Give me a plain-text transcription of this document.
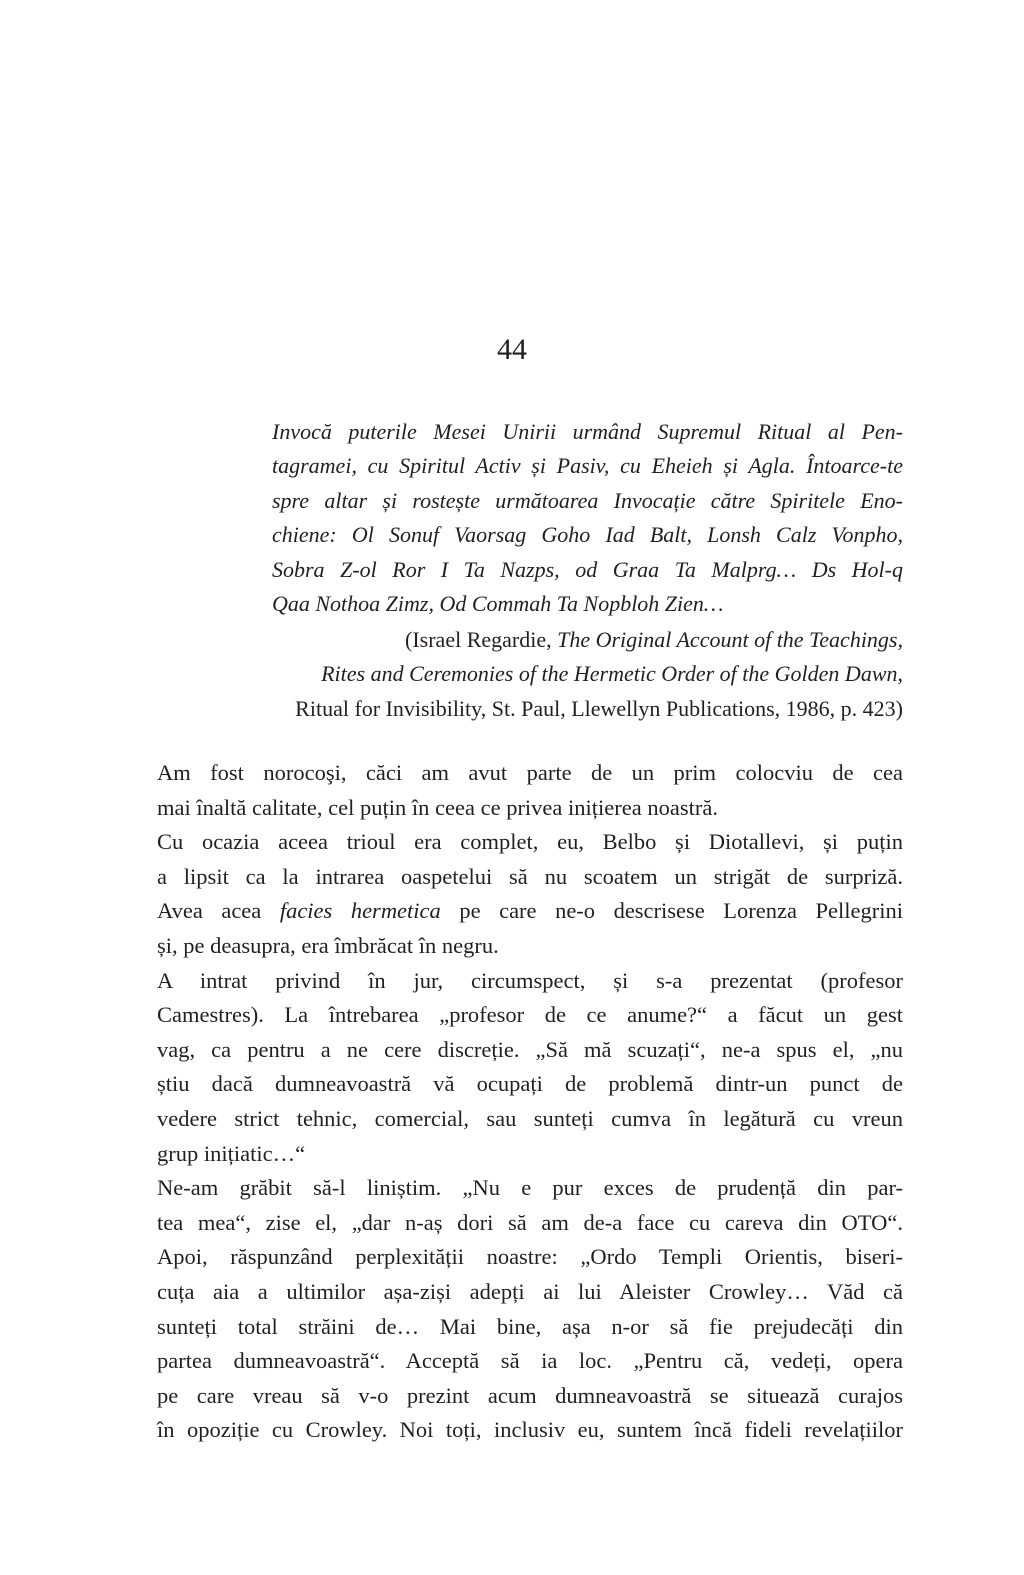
44
Invocă puterile Mesei Unirii urmând Supremul Ritual al Pen-
tagramei, cu Spiritul Activ și Pasiv, cu Eheieh și Agla. Întoarce-te
spre altar și rostește următoarea Invocație către Spiritele Eno-
chiene: Ol Sonuf Vaorsag Goho Iad Balt, Lonsh Calz Vonpho,
Sobra Z-ol Ror I Ta Nazps, od Graa Ta Malprg… Ds Hol-q
Qaa Nothoa Zimz, Od Commah Ta Nopbloh Zien…
(Israel Regardie, The Original Account of the Teachings,
Rites and Ceremonies of the Hermetic Order of the Golden Dawn,
Ritual for Invisibility, St. Paul, Llewellyn Publications, 1986, p. 423)
Am fost norocoşi, căci am avut parte de un prim colocviu de cea
mai înaltă calitate, cel puțin în ceea ce privea inițierea noastră.
Cu ocazia aceea trioul era complet, eu, Belbo și Diotallevi, și puțin
a lipsit ca la intrarea oaspetelui să nu scoatem un strigăt de surpriză.
Avea acea facies hermetica pe care ne-o descrisese Lorenza Pellegrini
și, pe deasupra, era îmbrăcat în negru.
A intrat privind în jur, circumspect, și s-a prezentat (profesor
Camestres). La întrebarea „profesor de ce anume?“ a făcut un gest
vag, ca pentru a ne cere discreție. „Să mă scuzați“, ne-a spus el, „nu
știu dacă dumneavoastră vă ocupați de problemă dintr-un punct de
vedere strict tehnic, comercial, sau sunteți cumva în legătură cu vreun
grup inițiatic…“
Ne-am grăbit să-l liniștim. „Nu e pur exces de prudență din par-
tea mea“, zise el, „dar n-aș dori să am de-a face cu careva din OTO“.
Apoi, răspunzând perplexității noastre: „Ordo Templi Orientis, biseri-
cuța aia a ultimilor așa-ziși adepți ai lui Aleister Crowley… Văd că
sunteți total străini de… Mai bine, așa n-or să fie prejudecăți din
partea dumneavoastră“. Acceptă să ia loc. „Pentru că, vedeți, opera
pe care vreau să v-o prezint acum dumneavoastră se situează curajos
în opoziție cu Crowley. Noi toți, inclusiv eu, suntem încă fideli revelațiilor
